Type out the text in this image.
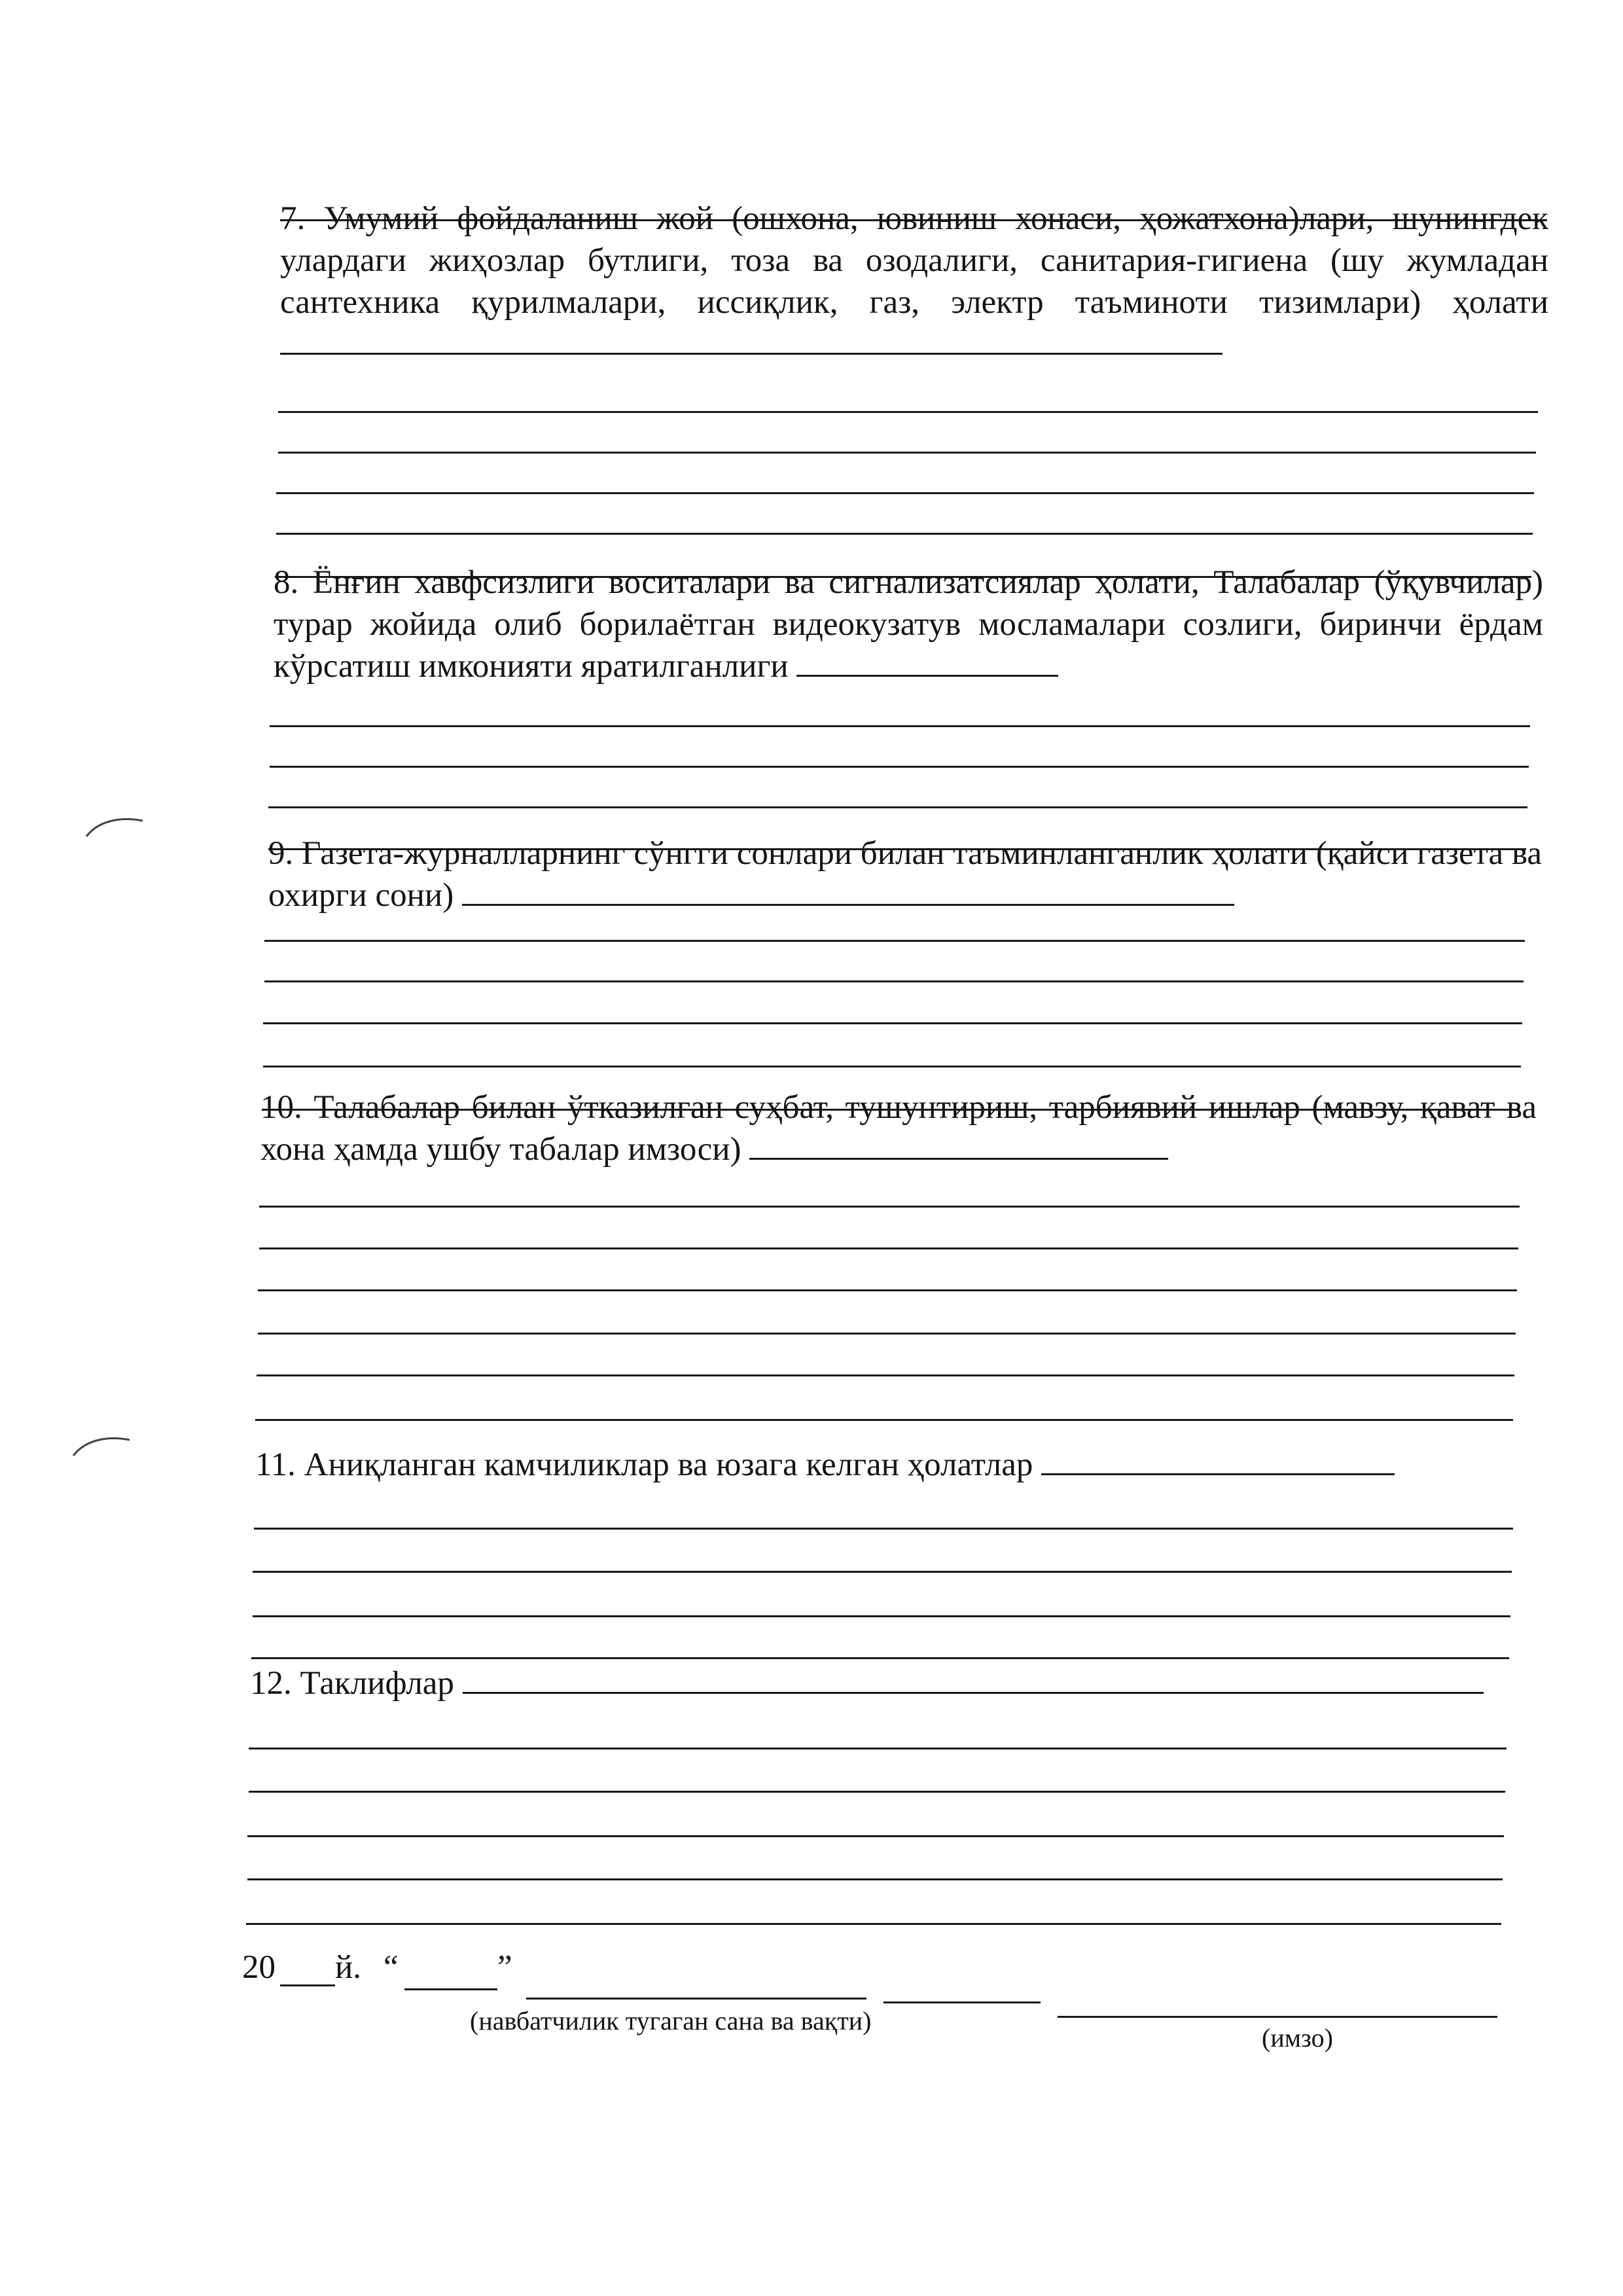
7. Умумий фойдаланиш жой (ошхона, ювиниш хонаси, ҳожатхона)лари, шунингдек улардаги жиҳозлар бутлиги, тоза ва озодалиги, санитария-гигиена (шу жумладан сантехника қурилмалари, иссиқлик, газ, электр таъминоти тизимлари) ҳолати

8. Ёнғин хавфсизлиги воситалари ва сигнализатсиялар ҳолати, Талабалар (ўқувчилар) турар жойида олиб борилаётган видеокузатув мосламалари созлиги, биринчи ёрдам кўрсатиш имконияти яратилганлиги

9. Газета-журналларнинг сўнгги сонлари билан таъминланганлик ҳолати (қайси газета ва охирги сони)

10. Талабалар билан ўтказилган суҳбат, тушунтириш, тарбиявий ишлар (мавзу, қават ва хона ҳамда ушбу табалар имзоси)

11. Аниқланган камчиликлар ва юзага келган ҳолатлар

12. Таклифлар

20 й. “	”
(навбатчилик тугаган сана ва вақти)
(имзо)
